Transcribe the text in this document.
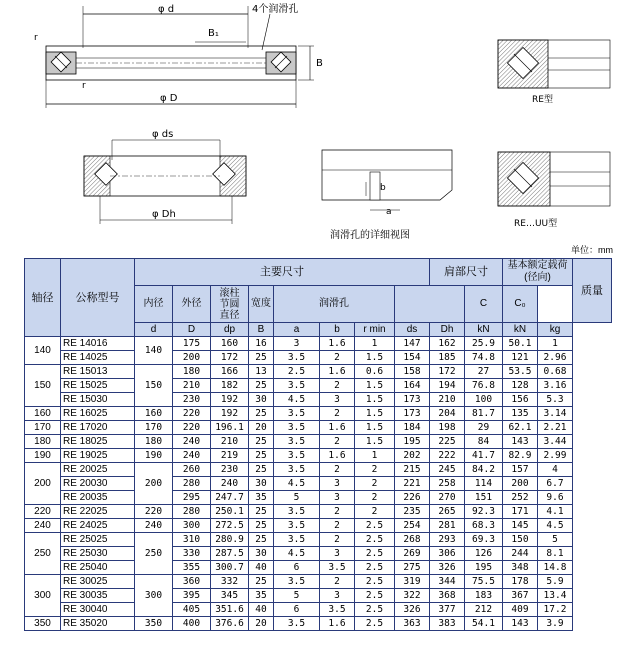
φ d	4个润滑孔
B₁
B
r
r
φ D	RE型
φ ds
φ Dh
b
a
润滑孔的详细视图
RE…UU型
单位：mm
轴径	公称型号	主要尺寸								肩部尺寸		基本额定载荷
(径向)		质量
		内径	外径	滚柱
节圆
直径	宽度	润滑孔					C	C₀		
		d	D	dp	B	a	b	r min	ds	Dh	kN	kN	kg	
140	RE 14016	140	175	160	16	3	1.6	1	147	162	25.9	50.1	1	
	RE 14025		200	172	25	3.5	2	1.5	154	185	74.8	121	2.96	
150	RE 15013	150	180	166	13	2.5	1.6	0.6	158	172	27	53.5	0.68	
	RE 15025		210	182	25	3.5	2	1.5	164	194	76.8	128	3.16	
	RE 15030		230	192	30	4.5	3	1.5	173	210	100	156	5.3	
160	RE 16025	160	220	192	25	3.5	2	1.5	173	204	81.7	135	3.14	
170	RE 17020	170	220	196.1	20	3.5	1.6	1.5	184	198	29	62.1	2.21	
180	RE 18025	180	240	210	25	3.5	2	1.5	195	225	84	143	3.44	
190	RE 19025	190	240	219	25	3.5	1.6	1	202	222	41.7	82.9	2.99	
200	RE 20025	200	260	230	25	3.5	2	2	215	245	84.2	157	4	
	RE 20030		280	240	30	4.5	3	2	221	258	114	200	6.7	
	RE 20035		295	247.7	35	5	3	2	226	270	151	252	9.6	
220	RE 22025	220	280	250.1	25	3.5	2	2	235	265	92.3	171	4.1	
240	RE 24025	240	300	272.5	25	3.5	2	2.5	254	281	68.3	145	4.5	
250	RE 25025	250	310	280.9	25	3.5	2	2.5	268	293	69.3	150	5	
	RE 25030		330	287.5	30	4.5	3	2.5	269	306	126	244	8.1	
	RE 25040		355	300.7	40	6	3.5	2.5	275	326	195	348	14.8	
300	RE 30025	300	360	332	25	3.5	2	2.5	319	344	75.5	178	5.9	
	RE 30035		395	345	35	5	3	2.5	322	368	183	367	13.4	
	RE 30040		405	351.6	40	6	3.5	2.5	326	377	212	409	17.2	
350	RE 35020	350	400	376.6	20	3.5	1.6	2.5	363	383	54.1	143	3.9	
